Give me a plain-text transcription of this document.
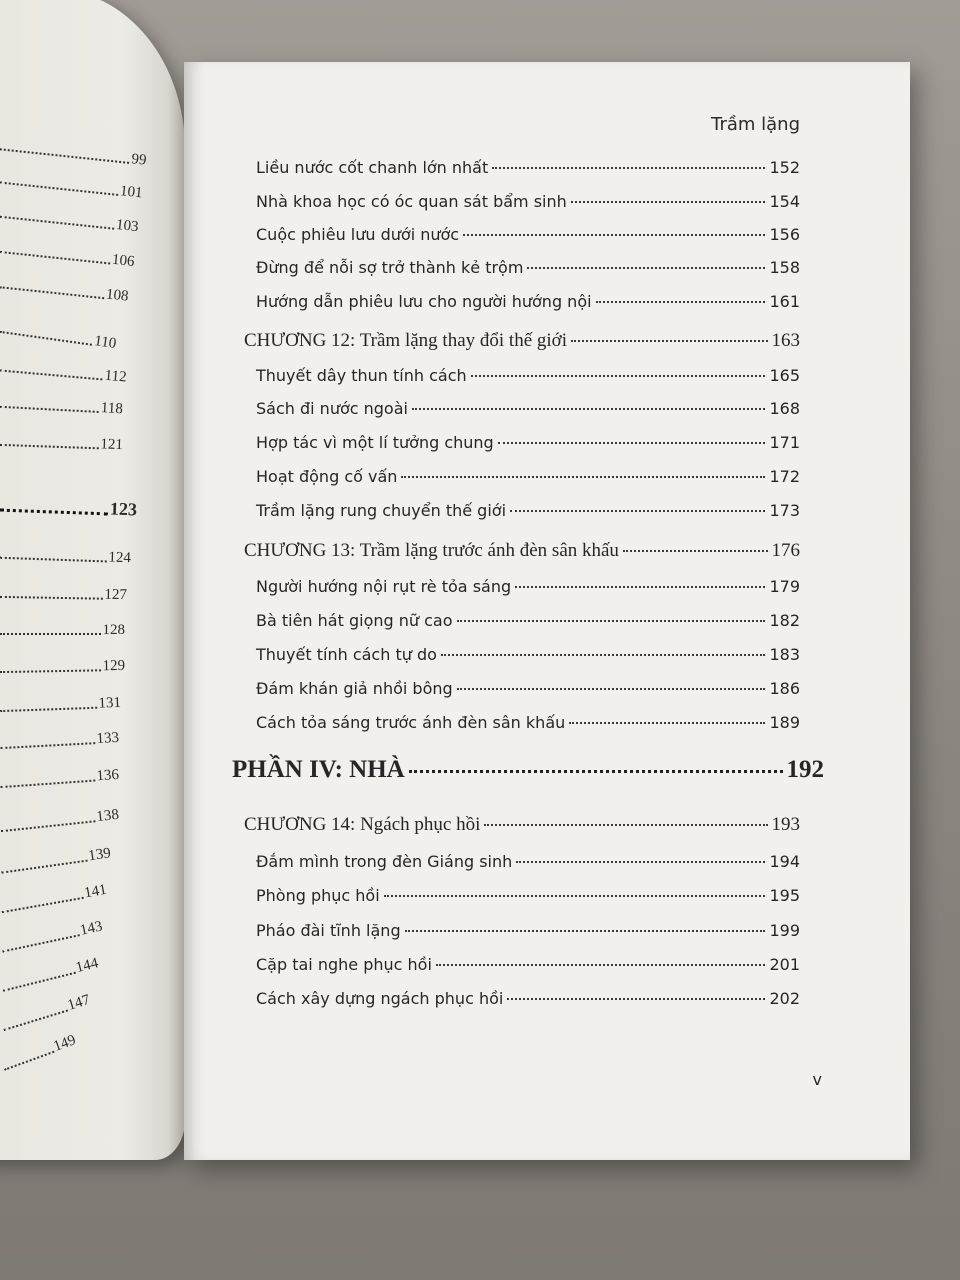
99
101
103
106
108
110
112
118
121
123
124
127
128
129
131
133
136
138
139
141
143
144
147
149
Trầm lặng
v
Liều nước cốt chanh lớn nhất	152
Nhà khoa học có óc quan sát bẩm sinh	154
Cuộc phiêu lưu dưới nước	156
Đừng để nỗi sợ trở thành kẻ trộm	158
Hướng dẫn phiêu lưu cho người hướng nội	161
CHƯƠNG 12: Trầm lặng thay đổi thế giới	163
Thuyết dây thun tính cách	165
Sách đi nước ngoài	168
Hợp tác vì một lí tưởng chung	171
Hoạt động cố vấn	172
Trầm lặng rung chuyển thế giới	173
CHƯƠNG 13: Trầm lặng trước ánh đèn sân khấu	176
Người hướng nội rụt rè tỏa sáng	179
Bà tiên hát giọng nữ cao	182
Thuyết tính cách tự do	183
Đám khán giả nhồi bông	186
Cách tỏa sáng trước ánh đèn sân khấu	189
PHẦN IV: NHÀ	192
CHƯƠNG 14: Ngách phục hồi	193
Đắm mình trong đèn Giáng sinh	194
Phòng phục hồi	195
Pháo đài tĩnh lặng	199
Cặp tai nghe phục hồi	201
Cách xây dựng ngách phục hồi	202
